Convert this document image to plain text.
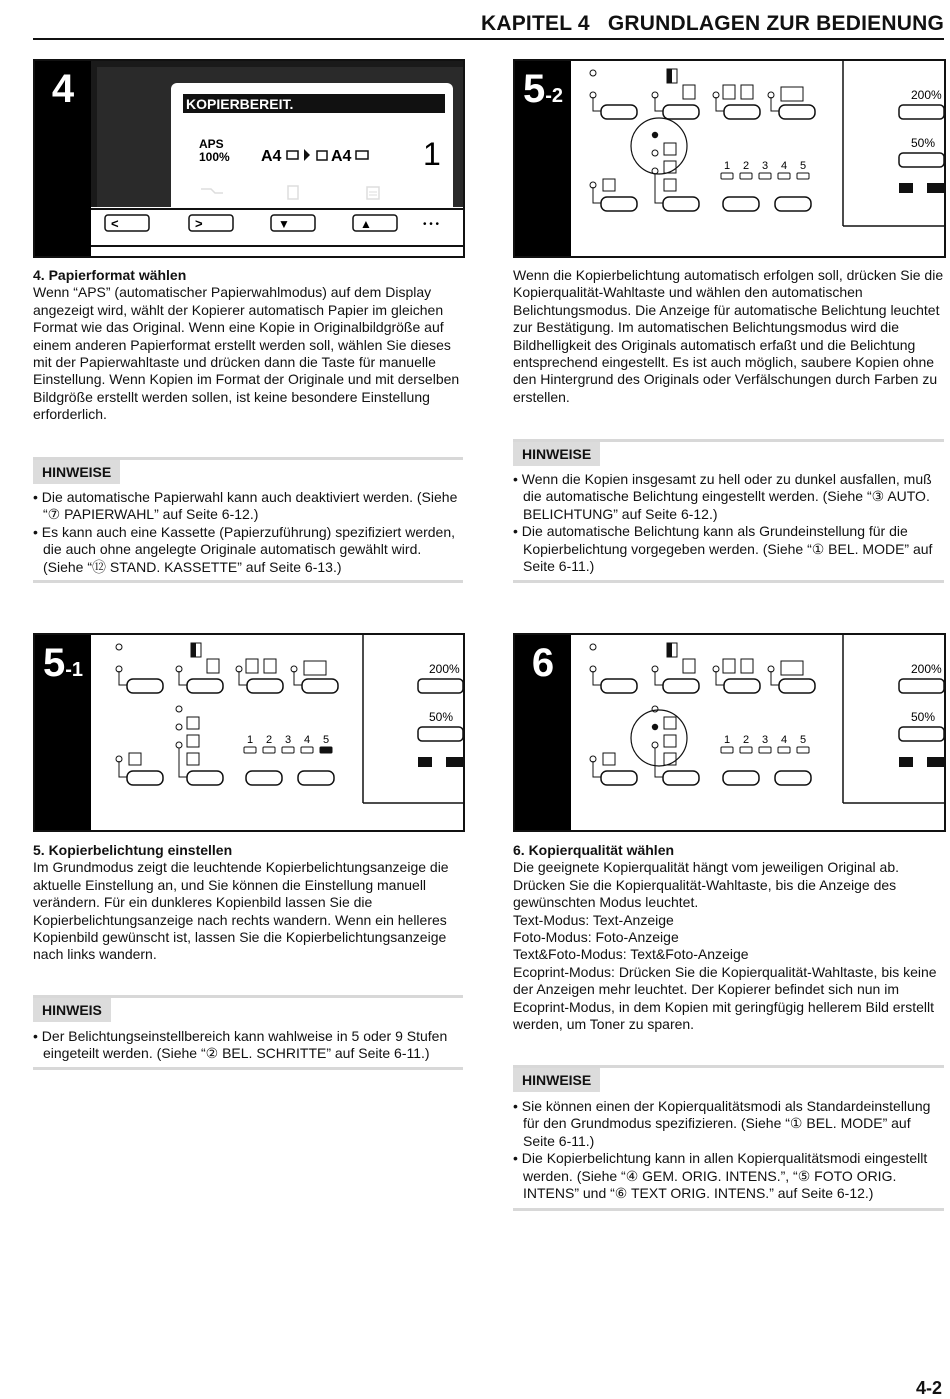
KAPITEL 4   GRUNDLAGEN ZUR BEDIENUNG
4	KOPIERBEREIT.
APS
100% A4	A4 1
<	>	▼	▲	• • •
5-2	200%
50%
1 2 3 4 5

4. Papierformat wählen

Wenn “APS” (automatischer Papierwahlmodus) auf dem Display angezeigt wird, wählt der Kopierer automatisch Papier im gleichen Format wie das Original. Wenn eine Kopie in Originalbildgröße auf einem anderen Papierformat erstellt werden soll, wählen Sie dieses mit der Papierwahltaste und drücken dann die Taste für manuelle Einstellung. Wenn Kopien im Format der Originale und mit derselben Bildgröße erstellt werden sollen, ist keine besondere Einstellung erforderlich.

HINWEISE
• Die automatische Papierwahl kann auch deaktiviert werden. (Siehe “⑦ PAPIERWAHL” auf Seite 6-12.)
• Es kann auch eine Kassette (Papierzuführung) spezifiziert werden, die auch ohne angelegte Originale automatisch gewählt wird. (Siehe “⑫ STAND. KASSETTE” auf Seite 6-13.)

Wenn die Kopierbelichtung automatisch erfolgen soll, drücken Sie die Kopierqualität-Wahltaste und wählen den automatischen Belichtungsmodus. Die Anzeige für automatische Belichtung leuchtet zur Bestätigung. Im automatischen Belichtungsmodus wird die Bildhelligkeit des Originals automatisch erfaßt und die Belichtung entsprechend eingestellt. Es ist auch möglich, saubere Kopien ohne den Hintergrund des Originals oder Verfälschungen durch Farben zu erstellen.

HINWEISE
• Wenn die Kopien insgesamt zu hell oder zu dunkel ausfallen, muß die automatische Belichtung eingestellt werden. (Siehe “③ AUTO. BELICHTUNG” auf Seite 6-12.)
• Die automatische Belichtung kann als Grundeinstellung für die Kopierbelichtung vorgegeben werden. (Siehe “① BEL. MODE” auf Seite 6-11.)
5-1	200%
50%
1 2 3 4 5
6	200%
50%
1 2 3 4 5

5. Kopierbelichtung einstellen

Im Grundmodus zeigt die leuchtende Kopierbelichtungsanzeige die aktuelle Einstellung an, und Sie können die Einstellung manuell verändern. Für ein dunkleres Kopienbild lassen Sie die Kopierbelichtungsanzeige nach rechts wandern. Wenn ein helleres Kopienbild gewünscht ist, lassen Sie die Kopierbelichtungsanzeige nach links wandern.

HINWEIS
• Der Belichtungseinstellbereich kann wahlweise in 5 oder 9 Stufen eingeteilt werden. (Siehe “② BEL. SCHRITTE” auf Seite 6-11.)

6. Kopierqualität wählen

Die geeignete Kopierqualität hängt vom jeweiligen Original ab. Drücken Sie die Kopierqualität-Wahltaste, bis die Anzeige des gewünschten Modus leuchtet.

Text-Modus: Text-Anzeige

Foto-Modus: Foto-Anzeige

Text&Foto-Modus: Text&Foto-Anzeige

Ecoprint-Modus: Drücken Sie die Kopierqualität-Wahltaste, bis keine der Anzeigen mehr leuchtet. Der Kopierer befindet sich nun im Ecoprint-Modus, in dem Kopien mit geringfügig hellerem Bild erstellt werden, um Toner zu sparen.

HINWEISE
• Sie können einen der Kopierqualitätsmodi als Standardeinstellung für den Grundmodus spezifizieren. (Siehe “① BEL. MODE” auf Seite 6-11.)
• Die Kopierbelichtung kann in allen Kopierqualitätsmodi eingestellt werden. (Siehe “④ GEM. ORIG. INTENS.”, “⑤ FOTO ORIG. INTENS” und “⑥ TEXT ORIG. INTENS.” auf Seite 6-12.)
4-2
